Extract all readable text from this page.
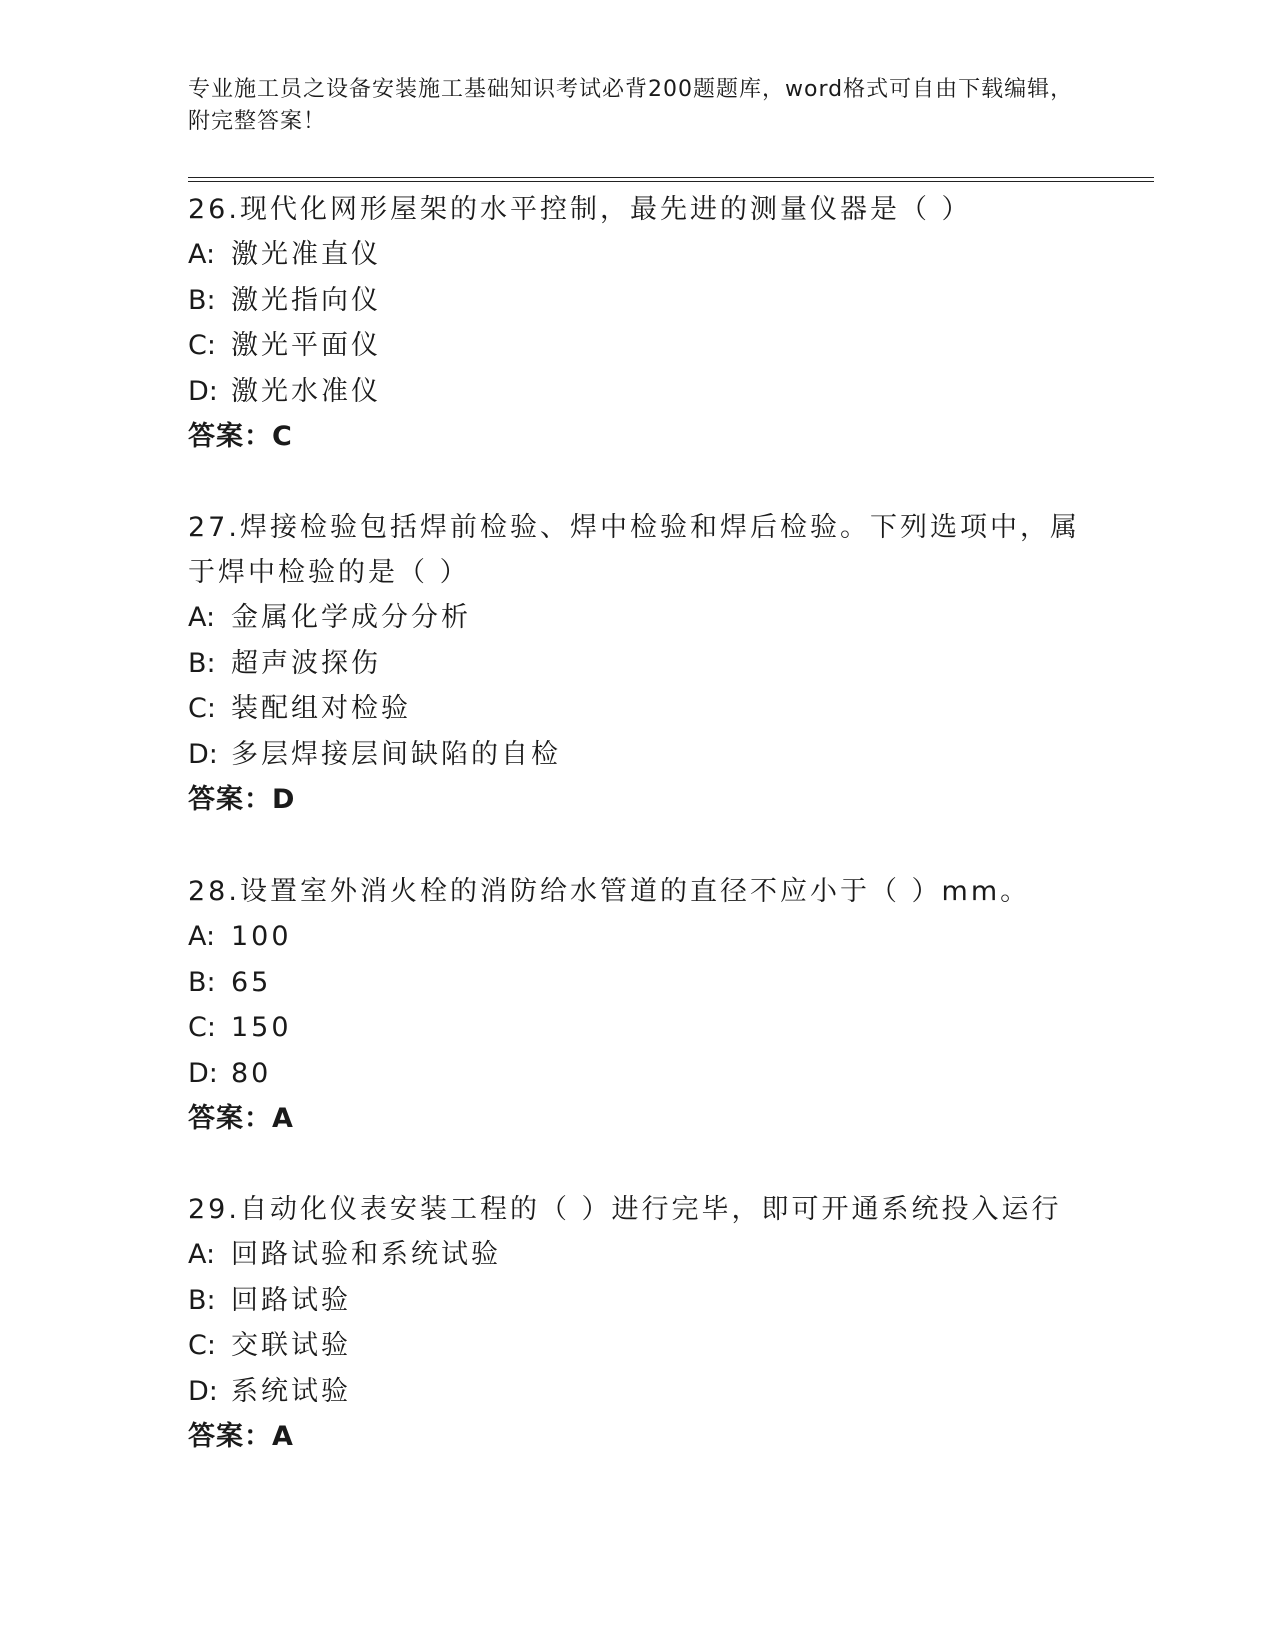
专业施工员之设备安装施工基础知识考试必背200题题库，word格式可自由下载编辑，附完整答案！
26.现代化网形屋架的水平控制，最先进的测量仪器是（ ）
A: 激光准直仪
B: 激光指向仪
C: 激光平面仪
D: 激光水准仪
答案：C
27.焊接检验包括焊前检验、焊中检验和焊后检验。下列选项中，属于焊中检验的是（ ）
A: 金属化学成分分析
B: 超声波探伤
C: 装配组对检验
D: 多层焊接层间缺陷的自检
答案：D
28.设置室外消火栓的消防给水管道的直径不应小于（ ）mm。
A: 100
B: 65
C: 150
D: 80
答案：A
29.自动化仪表安装工程的（ ）进行完毕，即可开通系统投入运行
A: 回路试验和系统试验
B: 回路试验
C: 交联试验
D: 系统试验
答案：A
